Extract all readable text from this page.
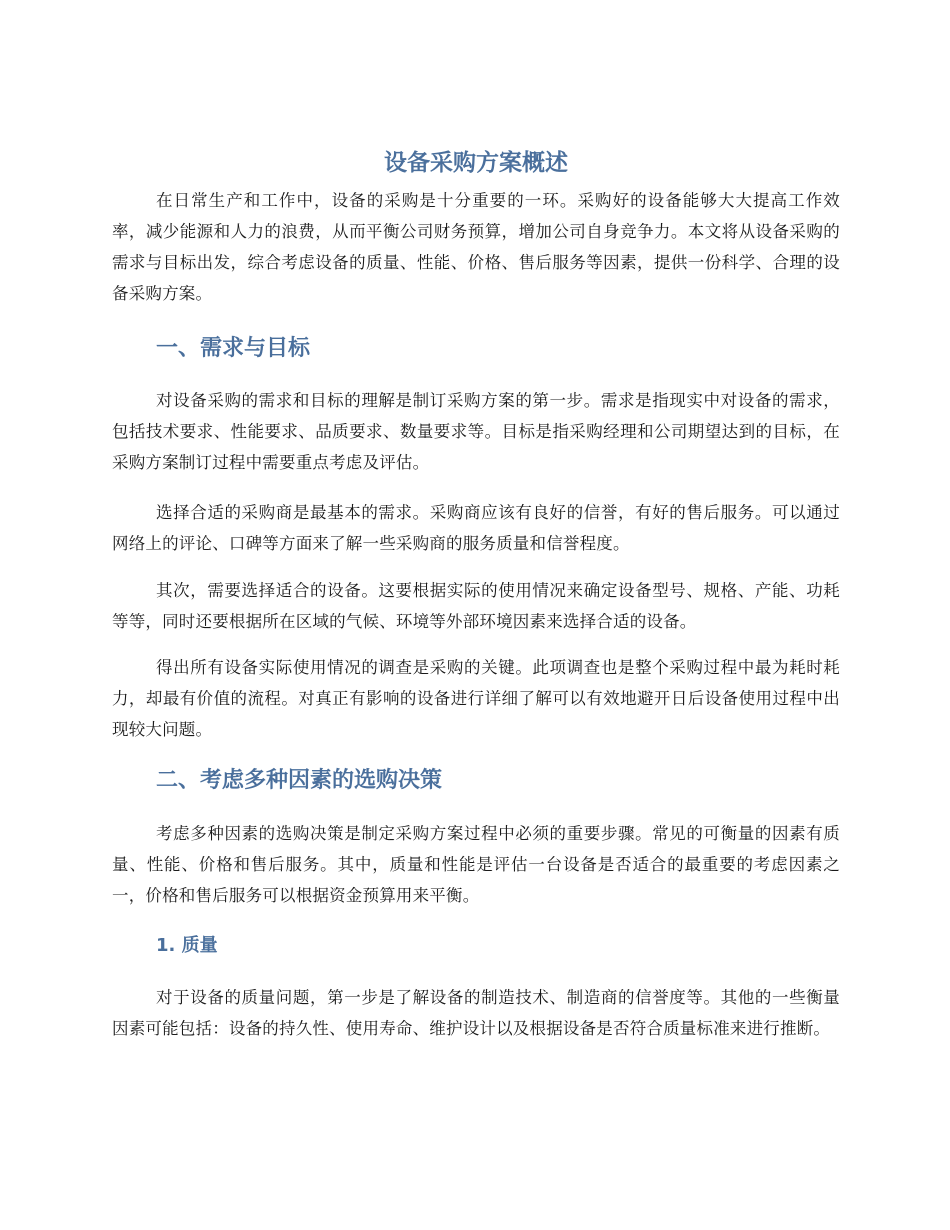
设备采购方案概述

在日常生产和工作中，设备的采购是十分重要的一环。采购好的设备能够大大提高工作效率，减少能源和人力的浪费，从而平衡公司财务预算，增加公司自身竞争力。本文将从设备采购的需求与目标出发，综合考虑设备的质量、性能、价格、售后服务等因素，提供一份科学、合理的设备采购方案。

一、需求与目标

对设备采购的需求和目标的理解是制订采购方案的第一步。需求是指现实中对设备的需求，包括技术要求、性能要求、品质要求、数量要求等。目标是指采购经理和公司期望达到的目标，在采购方案制订过程中需要重点考虑及评估。

选择合适的采购商是最基本的需求。采购商应该有良好的信誉，有好的售后服务。可以通过网络上的评论、口碑等方面来了解一些采购商的服务质量和信誉程度。

其次，需要选择适合的设备。这要根据实际的使用情况来确定设备型号、规格、产能、功耗等等，同时还要根据所在区域的气候、环境等外部环境因素来选择合适的设备。

得出所有设备实际使用情况的调查是采购的关键。此项调查也是整个采购过程中最为耗时耗力，却最有价值的流程。对真正有影响的设备进行详细了解可以有效地避开日后设备使用过程中出现较大问题。

二、考虑多种因素的选购决策

考虑多种因素的选购决策是制定采购方案过程中必须的重要步骤。常见的可衡量的因素有质量、性能、价格和售后服务。其中，质量和性能是评估一台设备是否适合的最重要的考虑因素之一，价格和售后服务可以根据资金预算用来平衡。

1. 质量

对于设备的质量问题，第一步是了解设备的制造技术、制造商的信誉度等。其他的一些衡量因素可能包括：设备的持久性、使用寿命、维护设计以及根据设备是否符合质量标准来进行推断。
